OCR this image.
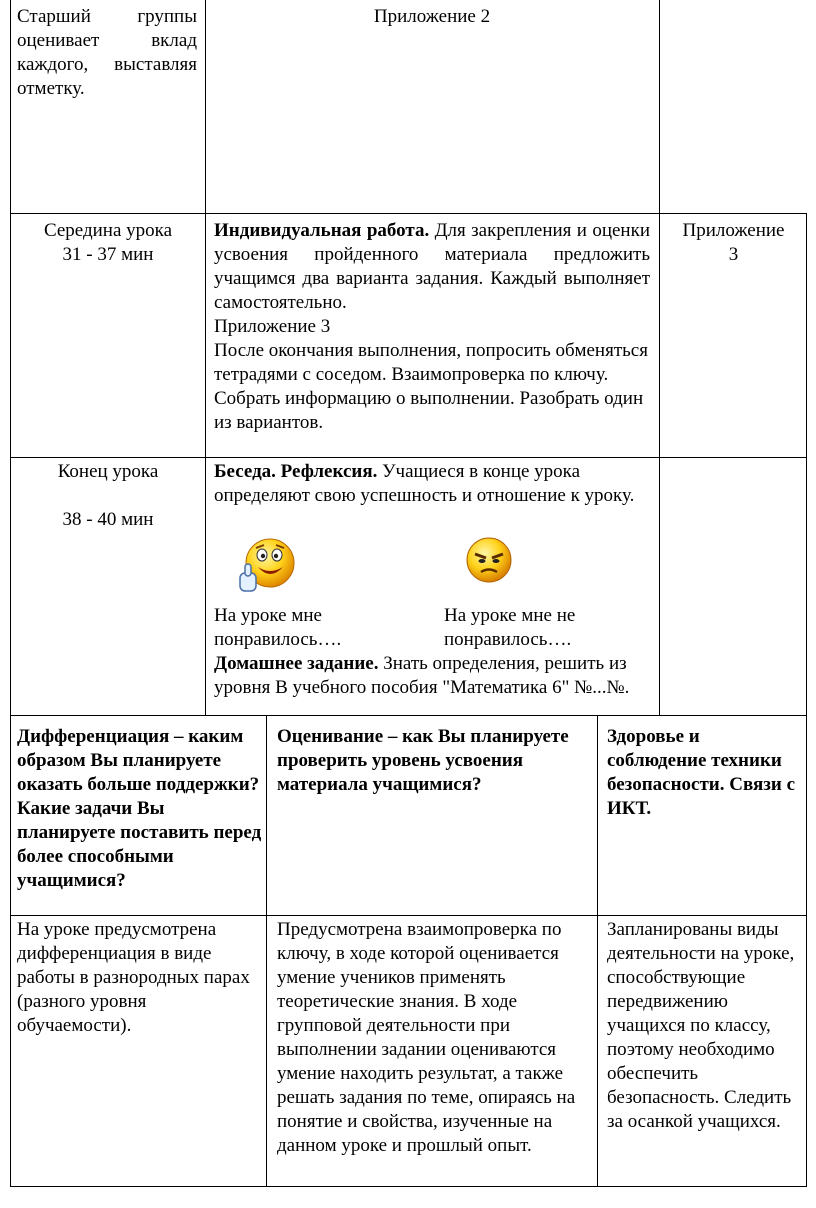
Старший группы оценивает вклад каждого, выставляя отметку.
Приложение 2
Середина урока
31 - 37 мин
Индивидуальная работа. Для закрепления и оценки усвоения пройденного материала предложить учащимся два варианта задания. Каждый выполняет самостоятельно.
Приложение 3
После окончания выполнения, попросить обменяться тетрадями с соседом. Взаимопроверка по ключу. Собрать информацию о выполнении. Разобрать один из вариантов.
Приложение
3
Конец урока
38 - 40 мин
Беседа. Рефлексия. Учащиеся в конце урока определяют свою успешность и отношение к уроку.
На уроке мне понравилось….
На уроке мне не понравилось….
Домашнее задание. Знать определения, решить из уровня В учебного пособия "Математика 6" №...№.
Дифференциация – каким образом Вы планируете оказать больше поддержки? Какие задачи Вы планируете поставить перед более способными учащимися?
Оценивание – как Вы планируете проверить уровень усвоения материала учащимися?
Здоровье и соблюдение техники безопасности. Связи с ИКТ.
На уроке предусмотрена дифференциация в виде работы в разнородных парах (разного уровня обучаемости).
Предусмотрена взаимопроверка по ключу, в ходе которой оценивается умение учеников применять теоретические знания. В ходе групповой деятельности при выполнении задании оцениваются умение находить результат, а также решать задания по теме, опираясь на понятие и свойства, изученные на данном уроке и прошлый опыт.
Запланированы виды деятельности на уроке, способствующие передвижению учащихся по классу, поэтому необходимо обеспечить безопасность. Следить за осанкой учащихся.
